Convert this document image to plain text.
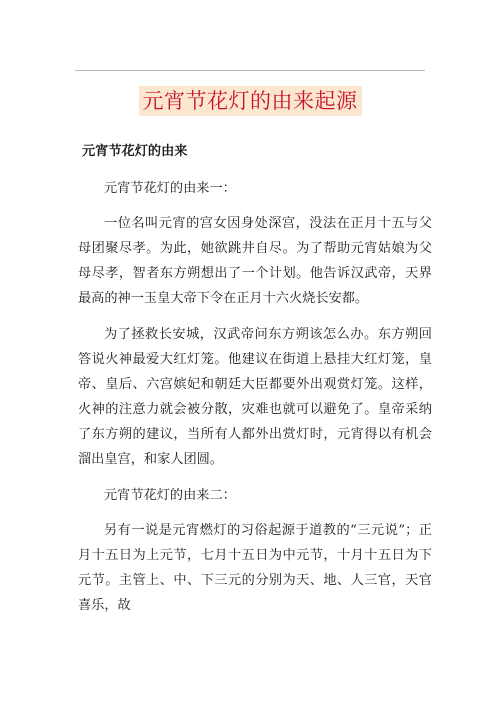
元宵节花灯的由来起源
元宵节花灯的由来

元宵节花灯的由来一：

一位名叫元宵的宫女因身处深宫，没法在正月十五与父母团聚尽孝。为此，她欲跳井自尽。为了帮助元宵姑娘为父母尽孝，智者东方朔想出了一个计划。他告诉汉武帝，天界最高的神一玉皇大帝下令在正月十六火烧长安都。

为了拯救长安城，汉武帝问东方朔该怎么办。东方朔回答说火神最爱大红灯笼。他建议在街道上悬挂大红灯笼，皇帝、皇后、六宫嫔妃和朝廷大臣都要外出观赏灯笼。这样，火神的注意力就会被分散，灾难也就可以避免了。皇帝采纳了东方朔的建议，当所有人都外出赏灯时，元宵得以有机会溜出皇宫，和家人团圆。

元宵节花灯的由来二：

另有一说是元宵燃灯的习俗起源于道教的“三元说”；正月十五日为上元节，七月十五日为中元节，十月十五日为下元节。主管上、中、下三元的分别为天、地、人三官，天官喜乐，故
